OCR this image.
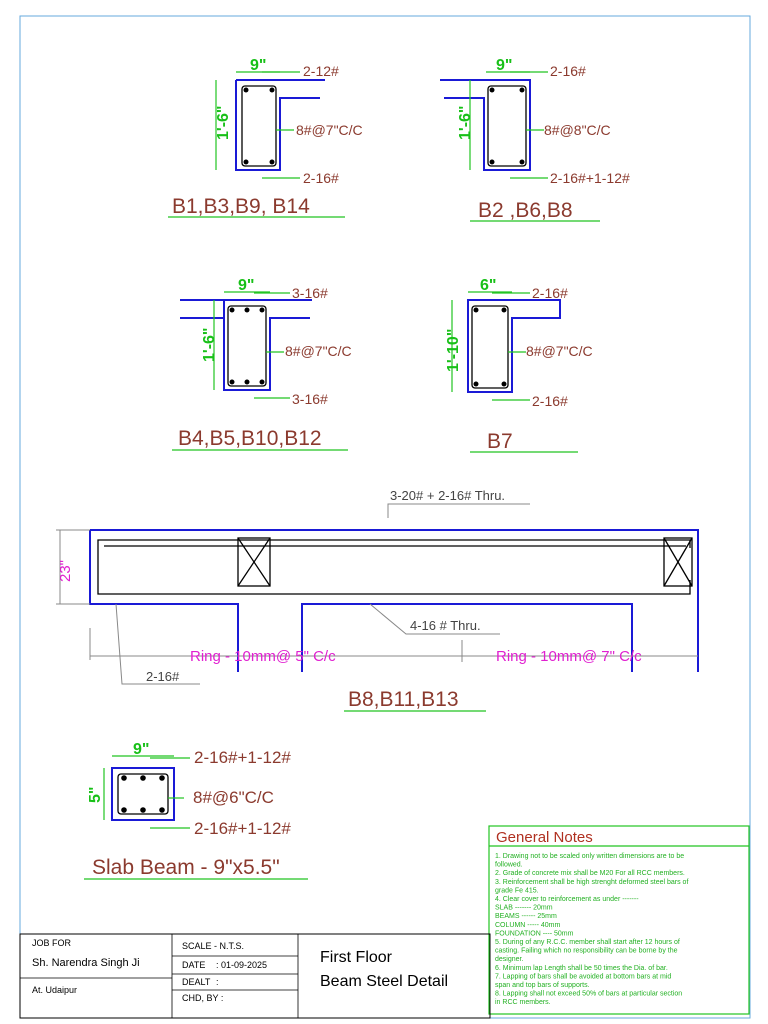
9"
1'-6"
2-12#
8#@7"C/C
2-16#
B1,B3,B9, B14
9"
1'-6"
2-16#
8#@8"C/C
2-16#+1-12#
B2 ,B6,B8
9"
1'-6"
3-16#
8#@7"C/C
3-16#
B4,B5,B10,B12
6"
1'-10"
2-16#
8#@7"C/C
2-16#
B7
23"
3-20# + 2-16# Thru.
4-16 # Thru.
Ring - 10mm@ 5" C/c	Ring - 10mm@ 7" C/c
2-16#
B8,B11,B13
9"
5"
2-16#+1-12#
8#@6"C/C
2-16#+1-12#
Slab Beam - 9"x5.5"
General Notes
1. Drawing not to be scaled only written dimensions are to be
followed.
2. Grade of concrete mix shall be M20 For all RCC members.
3. Reinforcement shall be high strenght deformed steel bars of
grade Fe 415.
4. Clear cover to reinforcement as under -------
SLAB ------- 20mm
BEAMS ------ 25mm
COLUMN ----- 40mm
FOUNDATION ---- 50mm
5. During of any R.C.C. member shall start after 12 hours of
casting. Failing which no responsibility can be borne by the
designer.
6. Minimum lap Length shall be 50 times the Dia. of bar.
7. Lapping of bars shall be avoided at bottom bars at mid
span and top bars of supports.
8. Lapping shall not exceed 50% of bars at particular section
in RCC members.
JOB FOR
Sh. Narendra Singh Ji
At. Udaipur
SCALE - N.T.S.
DATE : 01-09-2025
DEALT :
CHD, BY :
First Floor
Beam Steel Detail
